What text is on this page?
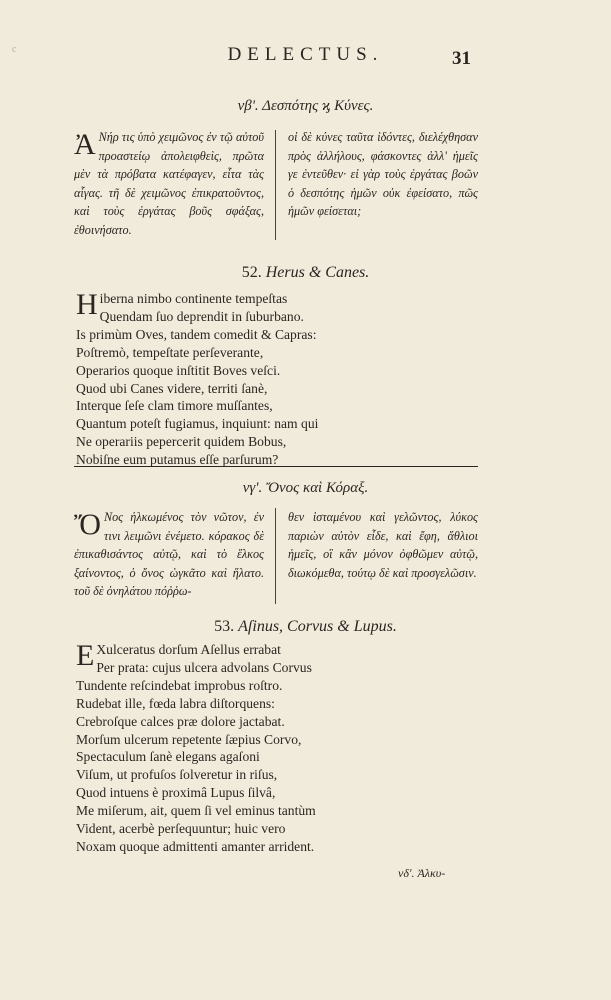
c	DELECTUS.	31
νβʹ. Δεσπότης ϗ Κύνες.

Ἀ Νήρ τις ὑπὸ χειμῶνος ἐν τῷ αὐτοῦ προαστείῳ ἀπολειφθεὶς, πρῶτα μὲν τὰ πρόβατα κατέφαγεν, εἶτα τὰς αἶγας. τῆ δὲ χειμῶνος ἐπικρατοῦντος, καὶ τοὺς ἐργάτας βοῦς σφάξας, ἐθοινήσατο.

οἱ δὲ κύνες ταῦτα ἰδόντες, διελέχθησαν πρὸς ἀλλήλους, φάσκοντες ἀλλ' ἡμεῖς γε ἐντεῦθεν· εἰ γὰρ τοὺς ἐργάτας βοῶν ὁ δεσπότης ἡμῶν οὐκ ἐφείσατο, πῶς ἡμῶν φείσεται;

52. Herus & Canes.
Hiberna nimbo continente tempeſtas
Quendam ſuo deprendit in ſuburbano.
Is primùm Oves, tandem comedit & Capras:
Poſtremò, tempeſtate perſeverante,
Operarios quoque inſtitit Boves veſci.
Quod ubi Canes videre, territi ſanè,
Interque ſeſe clam timore muſſantes,
Quantum poteſt fugiamus, inquiunt: nam qui
Ne operariis pepercerit quidem Bobus,
Nobiſne eum putamus eſſe parſurum?
νγʹ. Ὄνος καὶ Κόραξ.

Ὄ Νος ἡλκωμένος τὸν νῶτον, ἐν τινι λειμῶνι ἐνέμετο. κόρακος δὲ ἐπικαθισάντος αὐτῷ, καὶ τὸ ἕλκος ξαίνοντος, ὁ ὄνος ὠγκᾶτο καὶ ἥλατο. τοῦ δὲ ὀνηλάτου πόῤῥω-

θεν ἱσταμένου καὶ γελῶντος, λύκος παριὼν αὐτὸν εἶδε, καὶ ἔφη, ἄθλιοι ἡμεῖς, οἳ κἂν μόνον ὀφθῶμεν αὐτῷ, διωκόμεθα, τούτῳ δὲ καὶ προσγελῶσιν.

53. Aſinus, Corvus & Lupus.
E Xulceratus dorſum Aſellus errabat
Per prata: cujus ulcera advolans Corvus
Tundente reſcindebat improbus roſtro.
Rudebat ille, fœda labra diſtorquens:
Crebroſque calces præ dolore jactabat.
Morſum ulcerum repetente ſæpius Corvo,
Spectaculum ſanè elegans agaſoni
Viſum, ut profuſos ſolveretur in riſus,
Quod intuens è proximâ Lupus ſilvâ,
Me miſerum, ait, quem ſi vel eminus tantùm
Vident, acerbè perſequuntur; huic vero
Noxam quoque admittenti amanter arrident.
νδʹ. Ἀλκυ-
